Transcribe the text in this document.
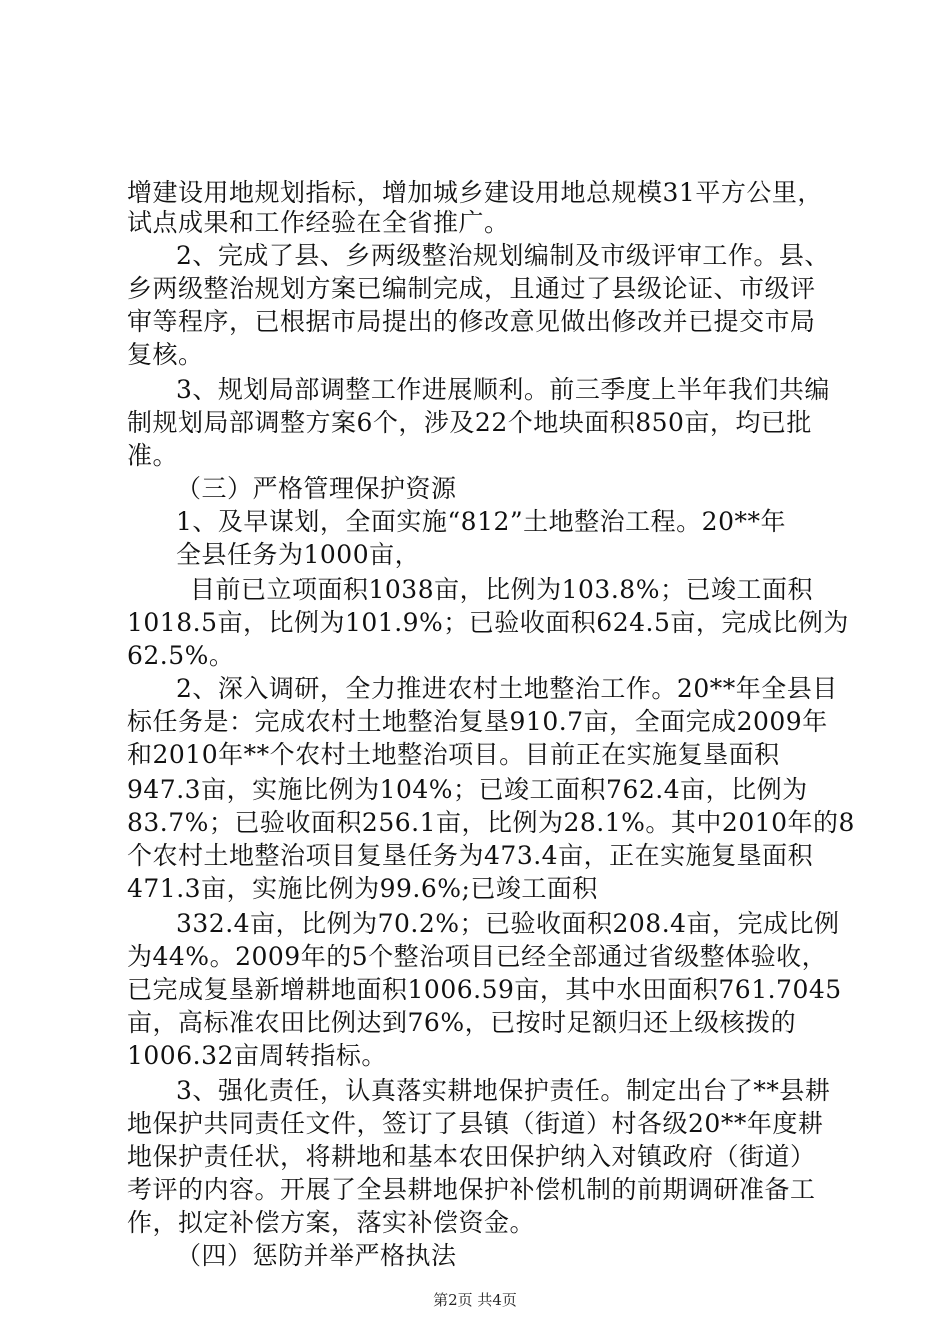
增建设用地规划指标，增加城乡建设用地总规模31平方公里，
试点成果和工作经验在全省推广。
2、完成了县、乡两级整治规划编制及市级评审工作。县、
乡两级整治规划方案已编制完成，且通过了县级论证、市级评
审等程序，已根据市局提出的修改意见做出修改并已提交市局
复核。
3、规划局部调整工作进展顺利。前三季度上半年我们共编
制规划局部调整方案6个，涉及22个地块面积850亩，均已批
准。
（三）严格管理保护资源
1、及早谋划，全面实施“812”土地整治工程。20**年
全县任务为1000亩，
目前已立项面积1038亩，比例为103.8%；已竣工面积
1018.5亩，比例为101.9%；已验收面积624.5亩，完成比例为
62.5%。
2、深入调研，全力推进农村土地整治工作。20**年全县目
标任务是：完成农村土地整治复垦910.7亩，全面完成2009年
和2010年**个农村土地整治项目。目前正在实施复垦面积
947.3亩，实施比例为104%；已竣工面积762.4亩，比例为
83.7%；已验收面积256.1亩，比例为28.1%。其中2010年的8
个农村土地整治项目复垦任务为473.4亩，正在实施复垦面积
471.3亩，实施比例为99.6%;已竣工面积
332.4亩，比例为70.2%；已验收面积208.4亩，完成比例
为44%。2009年的5个整治项目已经全部通过省级整体验收，
已完成复垦新增耕地面积1006.59亩，其中水田面积761.7045
亩，高标准农田比例达到76%，已按时足额归还上级核拨的
1006.32亩周转指标。
3、强化责任，认真落实耕地保护责任。制定出台了**县耕
地保护共同责任文件，签订了县镇（街道）村各级20**年度耕
地保护责任状，将耕地和基本农田保护纳入对镇政府（街道）
考评的内容。开展了全县耕地保护补偿机制的前期调研准备工
作，拟定补偿方案，落实补偿资金。
（四）惩防并举严格执法
第2页 共4页
